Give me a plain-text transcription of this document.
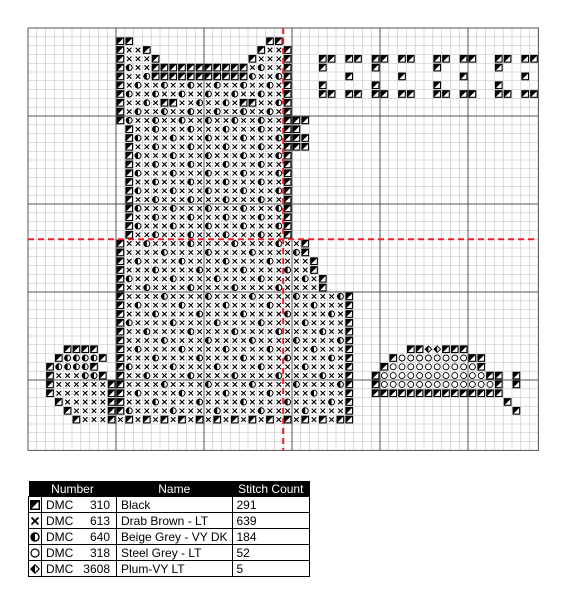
Number			Name	Stitch Count

	DMC	310	Black	291

	DMC	613	Drab Brown - LT	639

	DMC	640	Beige Grey - VY DK	184

	DMC	318	Steel Grey - LT	52

	DMC	3608	Plum-VY LT	5
